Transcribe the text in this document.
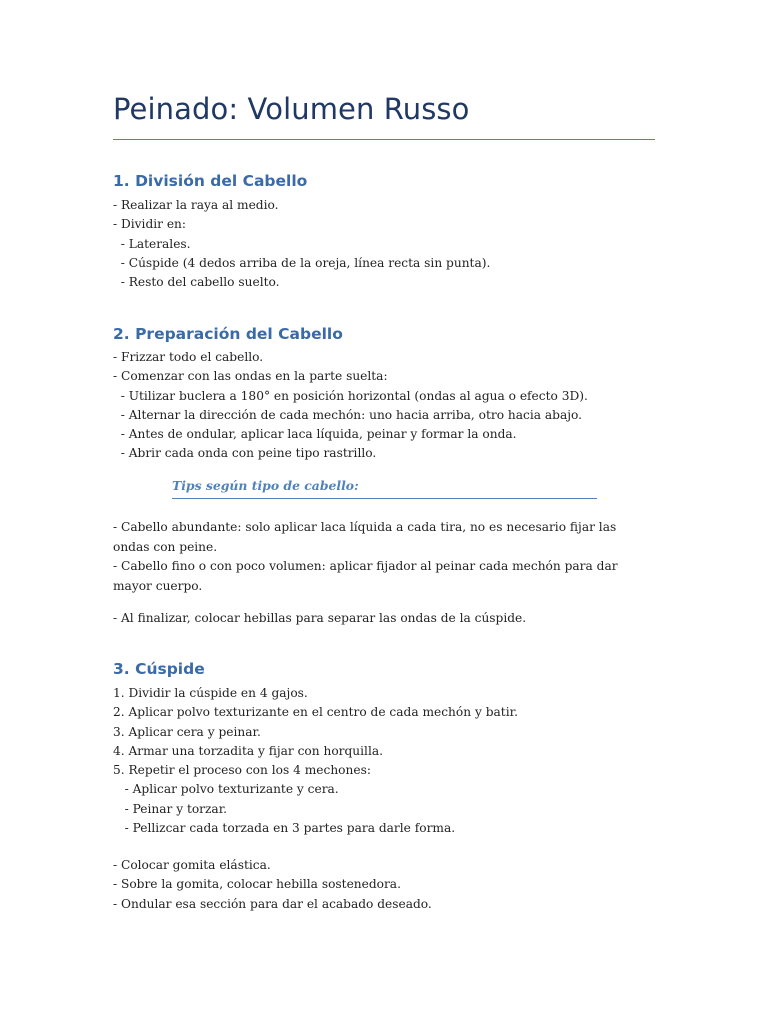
Peinado: Volumen Russo
1. División del Cabello
- Realizar la raya al medio.
- Dividir en:
- Laterales.
- Cúspide (4 dedos arriba de la oreja, línea recta sin punta).
- Resto del cabello suelto.
2. Preparación del Cabello
- Frizzar todo el cabello.
- Comenzar con las ondas en la parte suelta:
- Utilizar buclera a 180° en posición horizontal (ondas al agua o efecto 3D).
- Alternar la dirección de cada mechón: uno hacia arriba, otro hacia abajo.
- Antes de ondular, aplicar laca líquida, peinar y formar la onda.
- Abrir cada onda con peine tipo rastrillo.

Tips según tipo de cabello:

- Cabello abundante: solo aplicar laca líquida a cada tira, no es necesario fijar las ondas con peine.
- Cabello fino o con poco volumen: aplicar fijador al peinar cada mechón para dar mayor cuerpo.

- Al finalizar, colocar hebillas para separar las ondas de la cúspide.

3. Cúspide
1. Dividir la cúspide en 4 gajos.
2. Aplicar polvo texturizante en el centro de cada mechón y batir.
3. Aplicar cera y peinar.
4. Armar una torzadita y fijar con horquilla.
5. Repetir el proceso con los 4 mechones:
- Aplicar polvo texturizante y cera.
- Peinar y torzar.
- Pellizcar cada torzada en 3 partes para darle forma.
- Colocar gomita elástica.
- Sobre la gomita, colocar hebilla sostenedora.
- Ondular esa sección para dar el acabado deseado.
